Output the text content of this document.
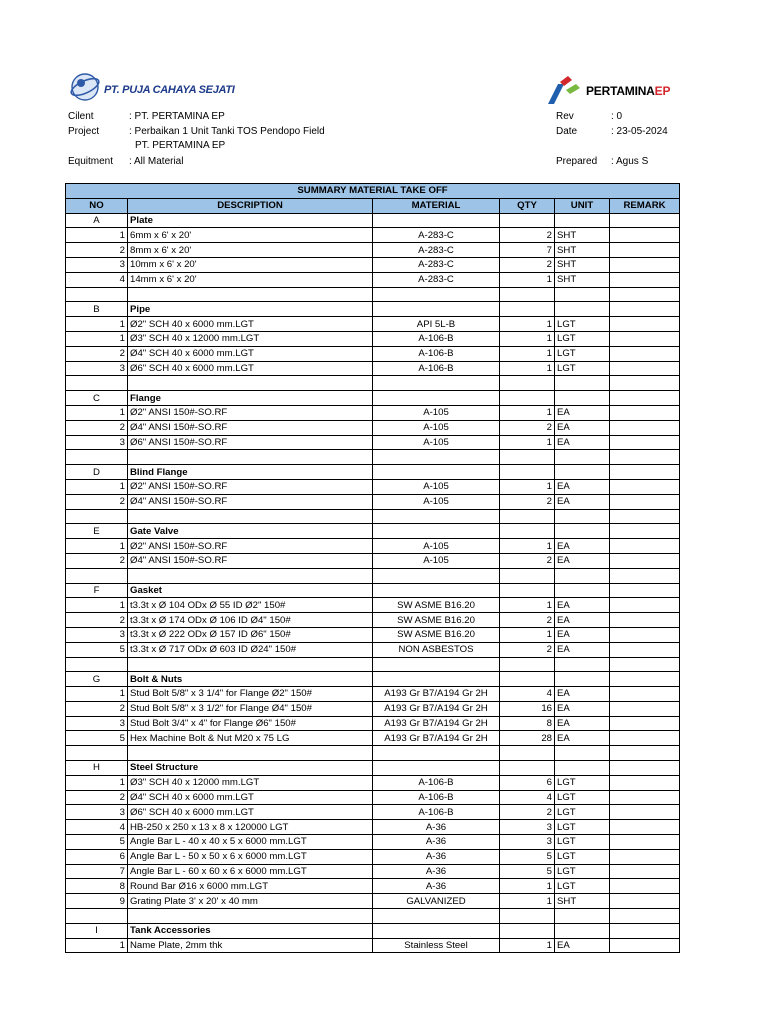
PT. PUJA CAHAYA SEJATI	PERTAMINAEP
Cilent	: PT. PERTAMINA EP
Project	: Perbaikan 1 Unit Tanki TOS Pendopo Field
PT. PERTAMINA EP
Equitment : All Material
Rev	: 0
Date	: 23-05-2024
Prepared : Agus S
SUMMARY MATERIAL TAKE OFF					
NO	DESCRIPTION	MATERIAL	QTY	UNIT	REMARK
A	Plate				
1	6mm x 6' x 20'	A-283-C	2	SHT	
2	8mm x 6' x 20'	A-283-C	7	SHT	
3	10mm x 6' x 20'	A-283-C	2	SHT	
4	14mm x 6' x 20'	A-283-C	1	SHT	

B	Pipe				
1	Ø2" SCH 40 x 6000 mm.LGT	API 5L-B	1	LGT	
1	Ø3" SCH 40 x 12000 mm.LGT	A-106-B	1	LGT	
2	Ø4" SCH 40 x 6000 mm.LGT	A-106-B	1	LGT	
3	Ø6" SCH 40 x 6000 mm.LGT	A-106-B	1	LGT	

C	Flange				
1	Ø2" ANSI 150#-SO.RF	A-105	1	EA	
2	Ø4" ANSI 150#-SO.RF	A-105	2	EA	
3	Ø6" ANSI 150#-SO.RF	A-105	1	EA	

D	Blind Flange				
1	Ø2" ANSI 150#-SO.RF	A-105	1	EA	
2	Ø4" ANSI 150#-SO.RF	A-105	2	EA	

E	Gate Valve				
1	Ø2" ANSI 150#-SO.RF	A-105	1	EA	
2	Ø4" ANSI 150#-SO.RF	A-105	2	EA	

F	Gasket				
1	t3.3t x Ø 104 ODx Ø 55 ID Ø2" 150#	SW ASME B16.20	1	EA	
2	t3.3t x Ø 174 ODx Ø 106 ID Ø4" 150#	SW ASME B16.20	2	EA	
3	t3.3t x Ø 222 ODx Ø 157 ID Ø6" 150#	SW ASME B16.20	1	EA	
5	t3.3t x Ø 717 ODx Ø 603 ID Ø24" 150#	NON ASBESTOS	2	EA	

G	Bolt & Nuts				
1	Stud Bolt 5/8" x 3 1/4" for Flange Ø2" 150#	A193 Gr B7/A194 Gr 2H	4	EA	
2	Stud Bolt 5/8" x 3 1/2" for Flange Ø4" 150#	A193 Gr B7/A194 Gr 2H	16	EA	
3	Stud Bolt 3/4" x 4" for Flange Ø6" 150#	A193 Gr B7/A194 Gr 2H	8	EA	
5	Hex Machine Bolt & Nut M20 x 75 LG	A193 Gr B7/A194 Gr 2H	28	EA	

H	Steel Structure				
1	Ø3" SCH 40 x 12000 mm.LGT	A-106-B	6	LGT	
2	Ø4" SCH 40 x 6000 mm.LGT	A-106-B	4	LGT	
3	Ø6" SCH 40 x 6000 mm.LGT	A-106-B	2	LGT	
4	HB-250 x 250 x 13 x 8 x 120000 LGT	A-36	3	LGT	
5	Angle Bar L - 40 x 40 x 5 x 6000 mm.LGT	A-36	3	LGT	
6	Angle Bar L - 50 x 50 x 6 x 6000 mm.LGT	A-36	5	LGT	
7	Angle Bar L - 60 x 60 x 6 x 6000 mm.LGT	A-36	5	LGT	
8	Round Bar Ø16 x 6000 mm.LGT	A-36	1	LGT	
9	Grating Plate 3' x 20' x 40 mm	GALVANIZED	1	SHT	

I	Tank Accessories				
1	Name Plate, 2mm thk	Stainless Steel	1	EA	
